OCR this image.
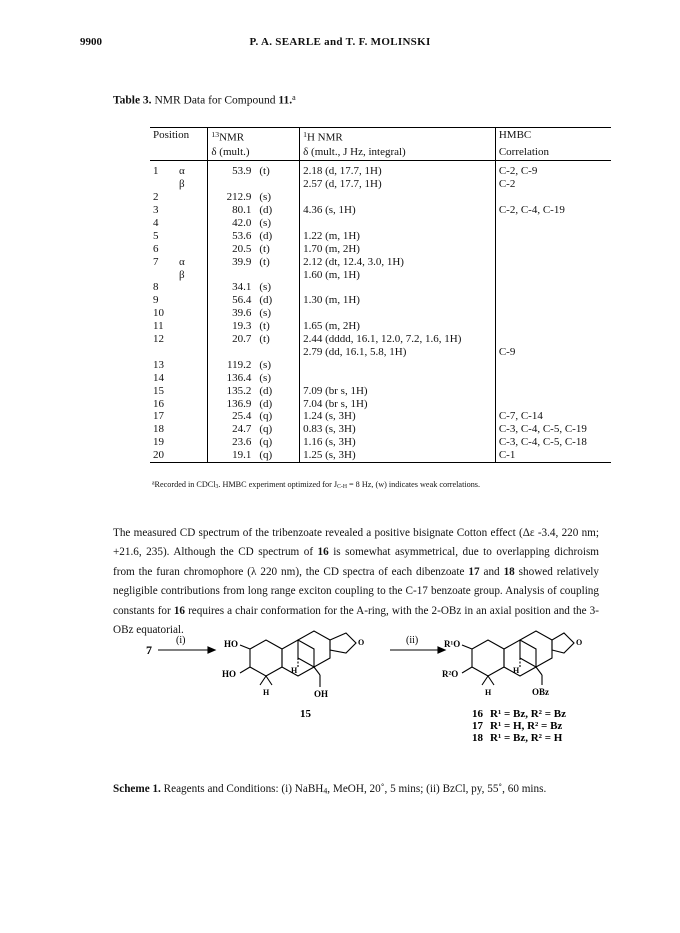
9900	P. A. SEARLE and T. F. MOLINSKI
Table 3. NMR Data for Compound 11.$^a$
Position	$^{13}$NMR	$^1$H NMR	HMBC
	δ (mult.)	δ (mult., J Hz, integral)	Correlation
1 α	53.9 (t)	2.18 (d, 17.7, 1H)	C-2, C-9
β		2.57 (d, 17.7, 1H)	C-2
2	212.9 (s)		
3	80.1 (d)	4.36 (s, 1H)	C-2, C-4, C-19
4	42.0 (s)		
5	53.6 (d)	1.22 (m, 1H)	
6	20.5 (t)	1.70 (m, 2H)	
7 α	39.9 (t)	2.12 (dt, 12.4, 3.0, 1H)	
β		1.60 (m, 1H)	
8	34.1 (s)		
9	56.4 (d)	1.30 (m, 1H)	
10	39.6 (s)		
11	19.3 (t)	1.65 (m, 2H)	
12	20.7 (t)	2.44 (dddd, 16.1, 12.0, 7.2, 1.6, 1H)	
		2.79 (dd, 16.1, 5.8, 1H)	C-9
13	119.2 (s)		
14	136.4 (s)		
15	135.2 (d)	7.09 (br s, 1H)	
16	136.9 (d)	7.04 (br s, 1H)	
17	25.4 (q)	1.24 (s, 3H)	C-7, C-14
18	24.7 (q)	0.83 (s, 3H)	C-3, C-4, C-5, C-19
19	23.6 (q)	1.16 (s, 3H)	C-3, C-4, C-5, C-18
20	19.1 (q)	1.25 (s, 3H)	C-1
$^a$Recorded in CDCl3. HMBC experiment optimized for JC-H = 8 Hz, (w) indicates weak correlations.
The measured CD spectrum of the tribenzoate revealed a positive bisignate Cotton effect (Δε -3.4, 220 nm; +21.6, 235). Although the CD spectrum of 16 is somewhat asymmetrical, due to overlapping dichroism from the furan chromophore (λ 220 nm), the CD spectra of each dibenzoate 17 and 18 showed relatively negligible contributions from long range exciton coupling to the C-17 benzoate group. Analysis of coupling constants for 16 requires a chair conformation for the A-ring, with the 2-OBz in an axial position and the 3-OBz equatorial.
7
(i)	HO
HO	H
H
O
OH
(ii)	R¹O
R²O	H
H
O
OBz
15	16 R¹ = Bz, R² = Bz
17 R¹ = H, R² = Bz
18 R¹ = Bz, R² = H
Scheme 1. Reagents and Conditions: (i) NaBH$_4$, MeOH, 20˚, 5 mins; (ii) BzCl, py, 55˚, 60 mins.
